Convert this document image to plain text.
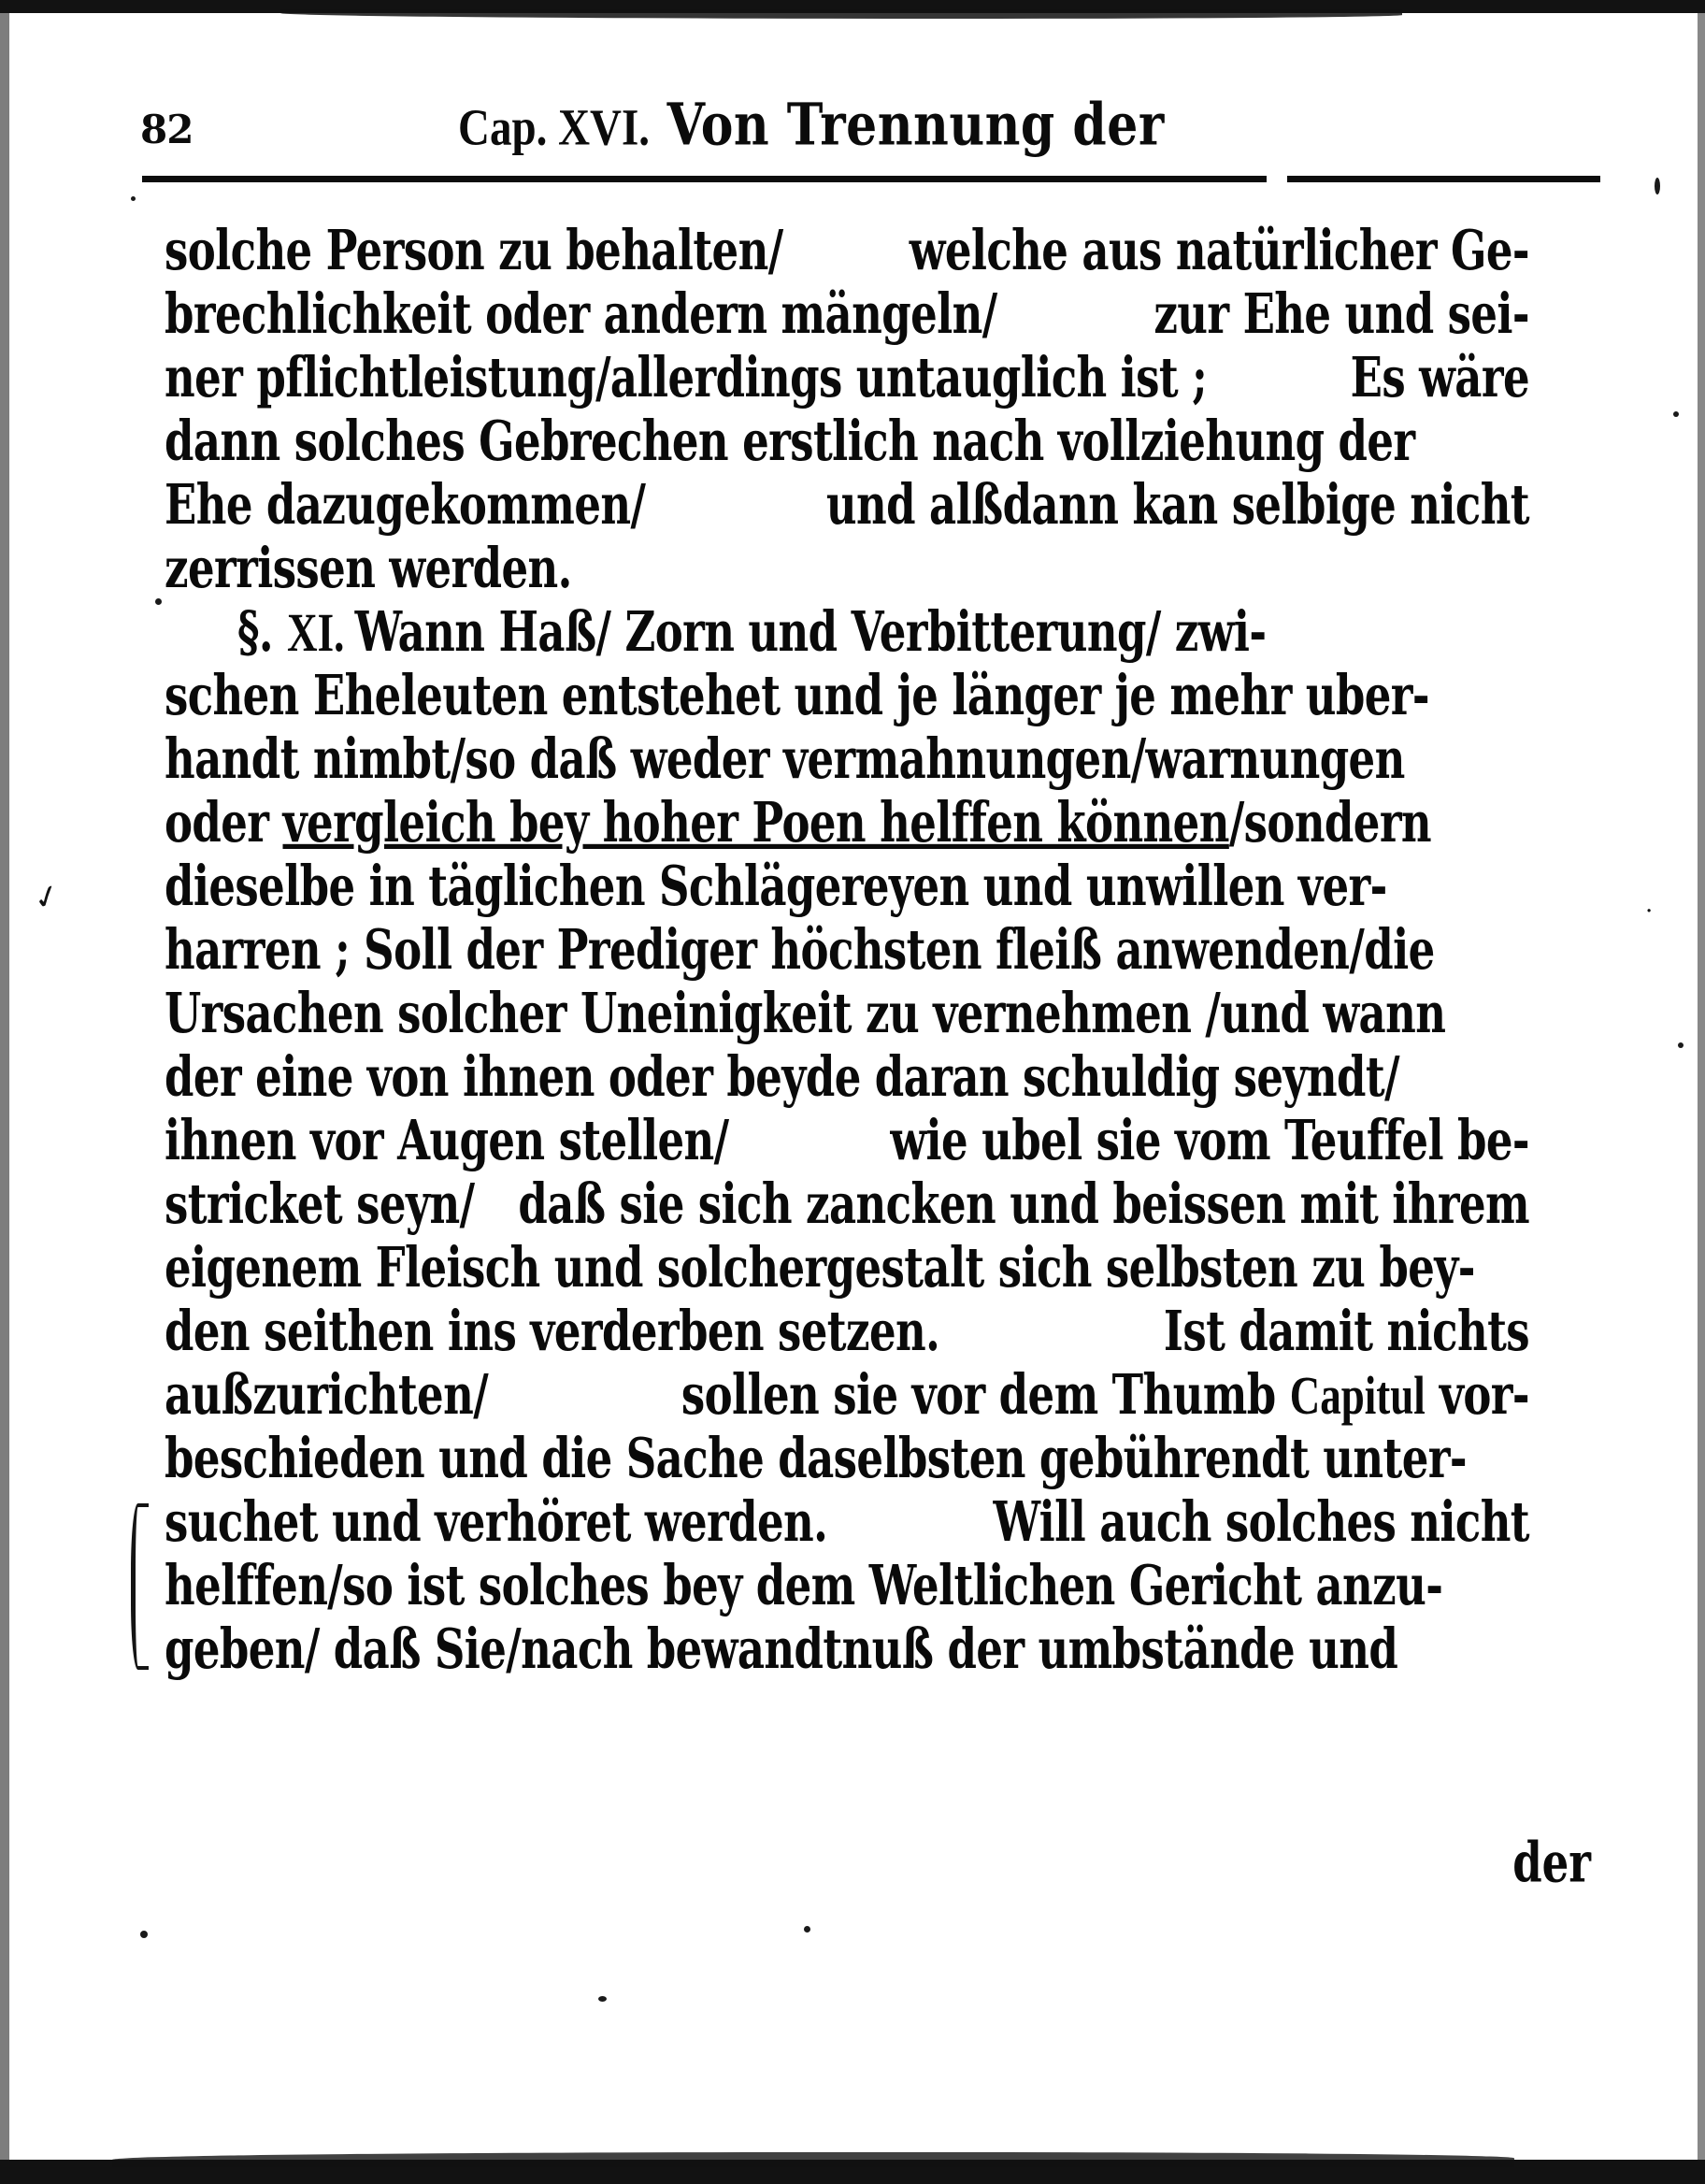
82	Cap. XVI. Von Trennung der
✓	·
solche Person zu behalten/	welche aus natürlicher Ge-
brechlichkeit oder andern mängeln/	zur Ehe und sei-
ner pflichtleistung/allerdings untauglich ist ;	Es wäre
dann solches Gebrechen erstlich nach vollziehung der
Ehe dazugekommen/	und alßdann kan selbige nicht
zerrissen werden.
§. XI. Wann Haß/ Zorn und Verbitterung/ zwi-
schen Eheleuten entstehet und je länger je mehr uber-
handt nimbt/so daß weder vermahnungen/warnungen
oder vergleich bey hoher Poen helffen können/sondern
dieselbe in täglichen Schlägereyen und unwillen ver-
harren ; Soll der Prediger höchsten fleiß anwenden/die
Ursachen solcher Uneinigkeit zu vernehmen /und wann
der eine von ihnen oder beyde daran schuldig seyndt/
ihnen vor Augen stellen/	wie ubel sie vom Teuffel be-
stricket seyn/ daß sie sich zancken und beissen mit ihrem
eigenem Fleisch und solchergestalt sich selbsten zu bey-
den seithen ins verderben setzen.	Ist damit nichts
außzurichten/	sollen sie vor dem Thumb Capitul vor-
beschieden und die Sache daselbsten gebührendt unter-
suchet und verhöret werden.	Will auch solches nicht
helffen/so ist solches bey dem Weltlichen Gericht anzu-
geben/ daß Sie/nach bewandtnuß der umbstände und
der
